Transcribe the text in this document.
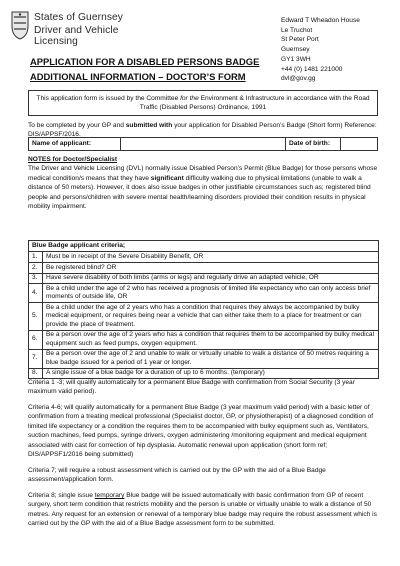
States of Guernsey
Driver and Vehicle Licensing
Edward T Wheadon House
Le Truchot
St Peter Port
Guernsey
GY1 3WH
+44 (0) 1481 221000
dvl@gov.gg
APPLICATION FOR A DISABLED PERSONS BADGE
ADDITIONAL INFORMATION – DOCTOR’S FORM
This application form is issued by the Committee for the Environment & Infrastructure in accordance with the Road Traffic (Disabled Persons) Ordinance, 1991
To be completed by your GP and submitted with your application for Disabled Person’s Badge (Short form) Reference: DIS/APPSF/2016.
Name of applicant:	Date of birth:
NOTES for Doctor/Specialist
The Driver and Vehicle Licensing (DVL) normally issue Disabled Person’s Permit (Blue Badge) for those persons whose medical condition/s means that they have significant difficulty walking due to physical limitations (unable to walk a distance of 50 meters). However, it does also issue badges in other justifiable circumstances such as; registered blind people and persons/children with severe mental health/learning disorders provided their condition results in physical mobility impairment.
Blue Badge applicant criteria;	
1.	Must be in receipt of the Severe Disability Benefit, OR
2.	Be registered blind? OR
3.	Have severe disability of both limbs (arms or legs) and regularly drive an adapted vehicle, OR
4.	Be a child under the age of 2 who has received a prognosis of limited life expectancy who can only access brief moments of outside life, OR
5.	Be a child under the age of 2 years who has a condition that requires they always be accompanied by bulky medical equipment, or requires being near a vehicle that can either take them to a place for treatment or can provide the place of treatment.
6.	Be a person over the age of 2 years who has a condition that requires them to be accompanied by bulky medical equipment such as feed pumps, oxygen equipment.
7.	Be a person over the age of 2 and unable to walk or virtually unable to walk a distance of 50 metres requiring a blue badge issued for a period of 1 year or longer.
8.	A single issue of a blue badge for a duration of up to 6 months. (temporary)
Criteria 1 -3; will qualify automatically for a permanent Blue Badge with confirmation from Social Security (3 year maximum valid period).
Criteria 4-6; will qualify automatically for a permanent Blue Badge (3 year maximum valid period) with a basic letter of confirmation from a treating medical professional (Specialist doctor, GP, or physiotherapist) of a diagnosed condition of limited life expectancy or a condition the requires them to be accompanied with bulky equipment such as, Ventilators, suction machines, feed pumps, syringe drivers, oxygen administering /monitoring equipment and medical equipment associated with cast for correction of hip dysplasia. Automatic renewal upon application (short form ref; DIS/APPSF1/2016 being submitted)
Criteria 7; will require a robust assessment which is carried out by the GP with the aid of a Blue Badge assessment/application form.
Criteria 8; single issue temporary Blue badge will be issued automatically with basic confirmation from GP of recent surgery, short term condition that restricts mobility and the person is unable or virtually unable to walk a distance of 50 metres. Any request for an extension or renewal of a temporary blue badge may require the robust assessment which is carried out by the GP with the aid of a Blue Badge assessment form to be submitted.
